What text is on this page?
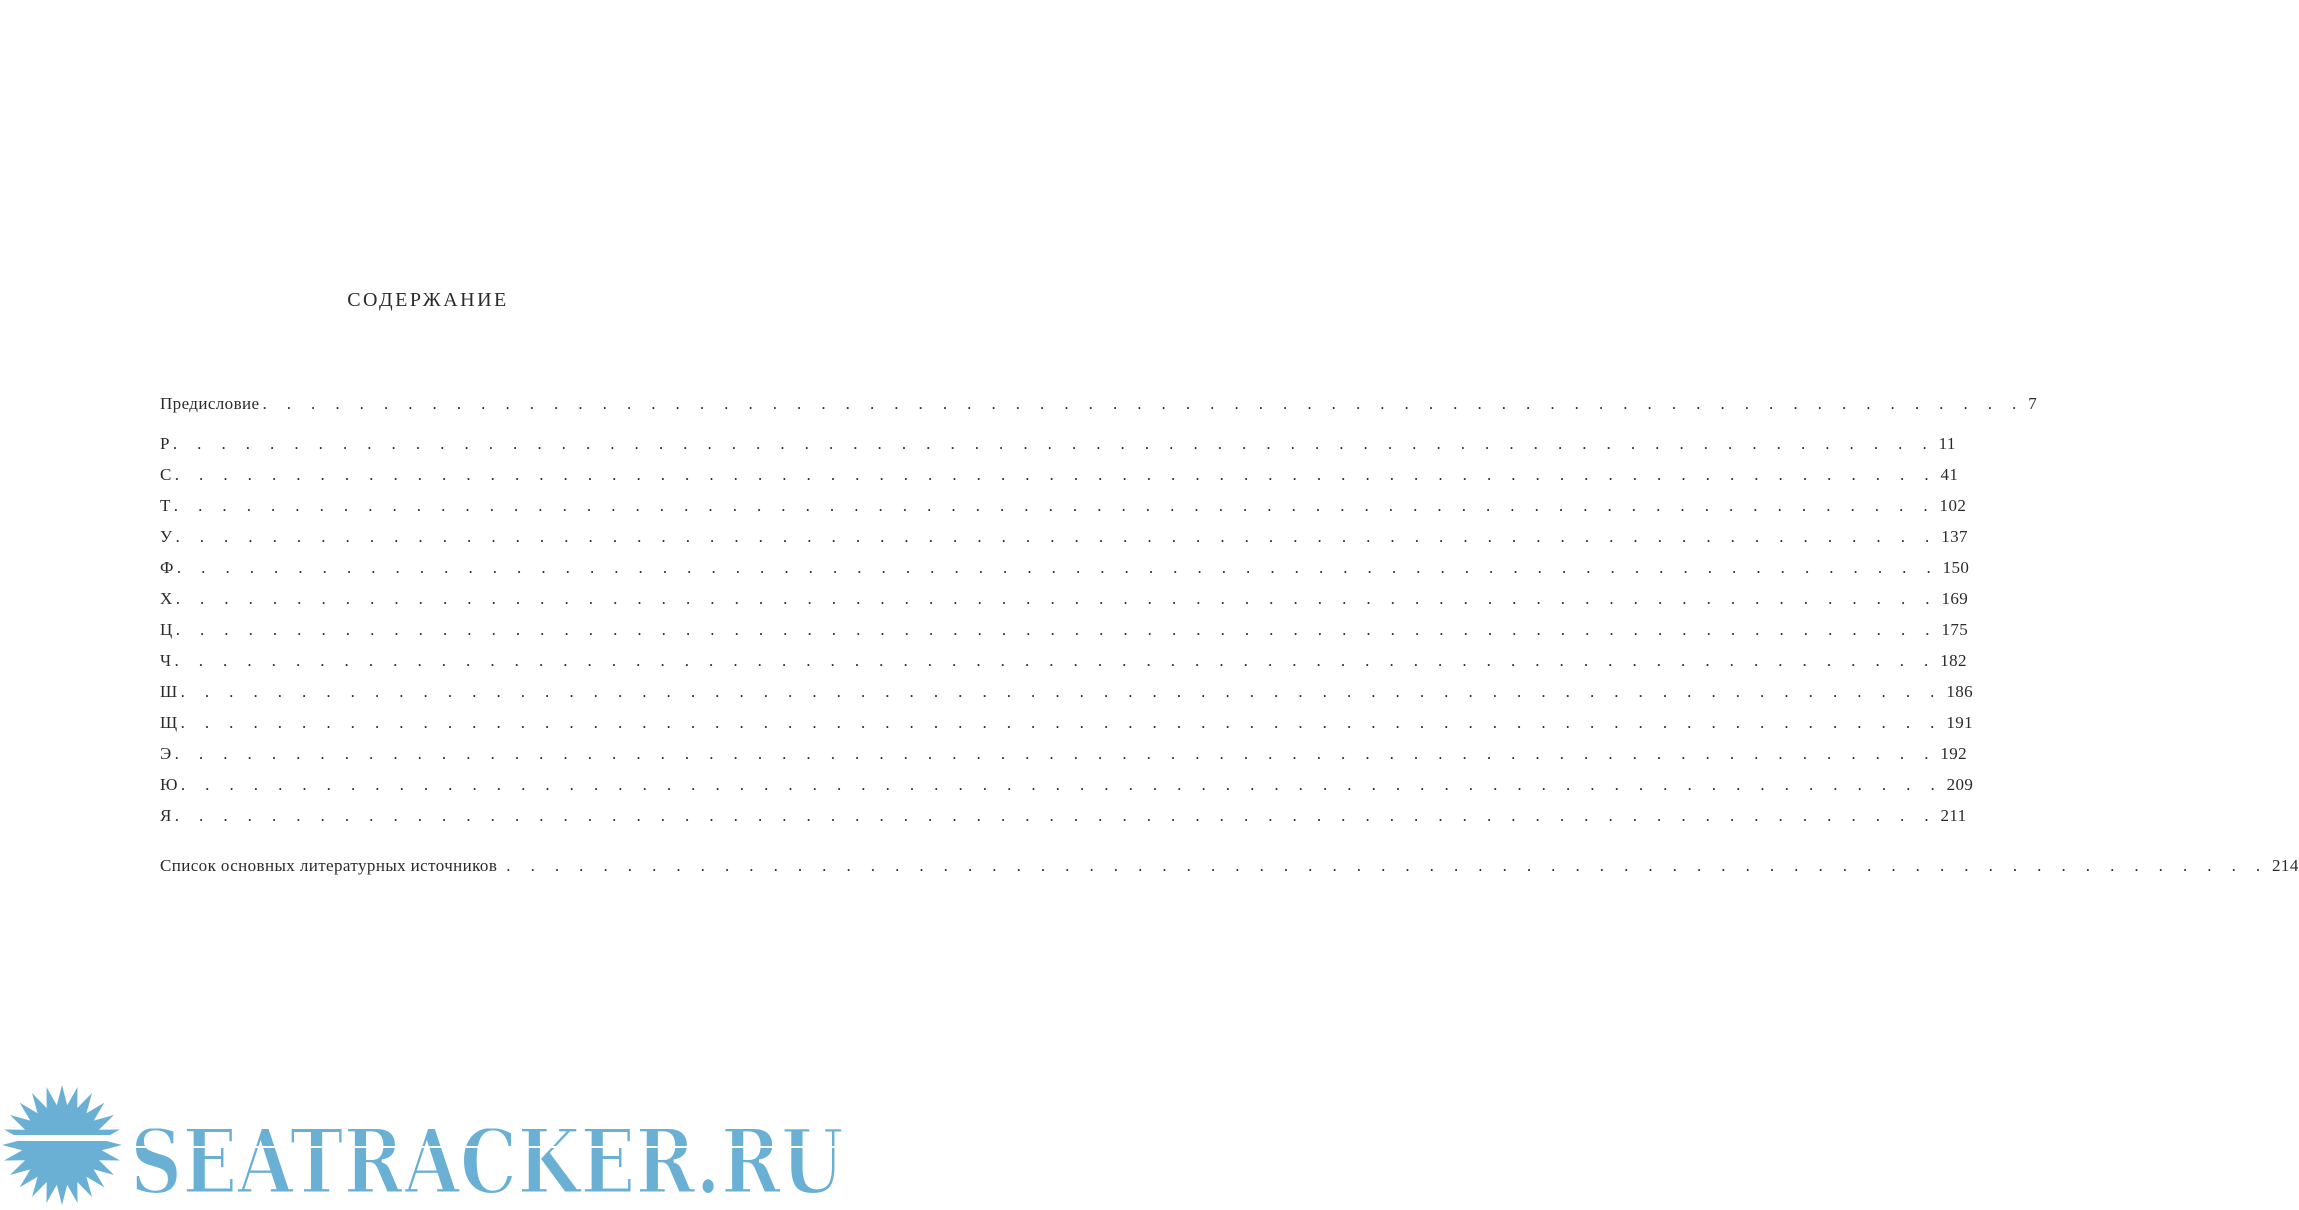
СОДЕРЖАНИЕ
Предисловие . . . . . . . . . . . . . . . . . . . . . . . . . . . . . . . . . . . . . . . . . . . . . . . . . . . . . . . . . . . . . . . . . . . . . . . . . 7
Р . . . . . . . . . . . . . . . . . . . . . . . . . . . . . . . . . . . . . . . . . . . . . . . . . . . . . . . . . . . . . . . . . . . . . . . . . 11
С . . . . . . . . . . . . . . . . . . . . . . . . . . . . . . . . . . . . . . . . . . . . . . . . . . . . . . . . . . . . . . . . . . . . . . . . . 41
Т . . . . . . . . . . . . . . . . . . . . . . . . . . . . . . . . . . . . . . . . . . . . . . . . . . . . . . . . . . . . . . . . . . . . . . . . . 102
У . . . . . . . . . . . . . . . . . . . . . . . . . . . . . . . . . . . . . . . . . . . . . . . . . . . . . . . . . . . . . . . . . . . . . . . . . 137
Ф . . . . . . . . . . . . . . . . . . . . . . . . . . . . . . . . . . . . . . . . . . . . . . . . . . . . . . . . . . . . . . . . . . . . . . . . . 150
Х . . . . . . . . . . . . . . . . . . . . . . . . . . . . . . . . . . . . . . . . . . . . . . . . . . . . . . . . . . . . . . . . . . . . . . . . . 169
Ц . . . . . . . . . . . . . . . . . . . . . . . . . . . . . . . . . . . . . . . . . . . . . . . . . . . . . . . . . . . . . . . . . . . . . . . . . 175
Ч . . . . . . . . . . . . . . . . . . . . . . . . . . . . . . . . . . . . . . . . . . . . . . . . . . . . . . . . . . . . . . . . . . . . . . . . . 182
Ш . . . . . . . . . . . . . . . . . . . . . . . . . . . . . . . . . . . . . . . . . . . . . . . . . . . . . . . . . . . . . . . . . . . . . . . . . 186
Щ . . . . . . . . . . . . . . . . . . . . . . . . . . . . . . . . . . . . . . . . . . . . . . . . . . . . . . . . . . . . . . . . . . . . . . . . . 191
Э . . . . . . . . . . . . . . . . . . . . . . . . . . . . . . . . . . . . . . . . . . . . . . . . . . . . . . . . . . . . . . . . . . . . . . . . . 192
Ю . . . . . . . . . . . . . . . . . . . . . . . . . . . . . . . . . . . . . . . . . . . . . . . . . . . . . . . . . . . . . . . . . . . . . . . . . 209
Я . . . . . . . . . . . . . . . . . . . . . . . . . . . . . . . . . . . . . . . . . . . . . . . . . . . . . . . . . . . . . . . . . . . . . . . . . 211
Список основных литературных источников . . . . . . . . . . . . . . . . . . . . . . . . . . . . . . . . . . . . . . . . . . . . . . . . . . . . . . . . . . . . . . . . . . . . . . . . . 214
SEATRACKER.RU
